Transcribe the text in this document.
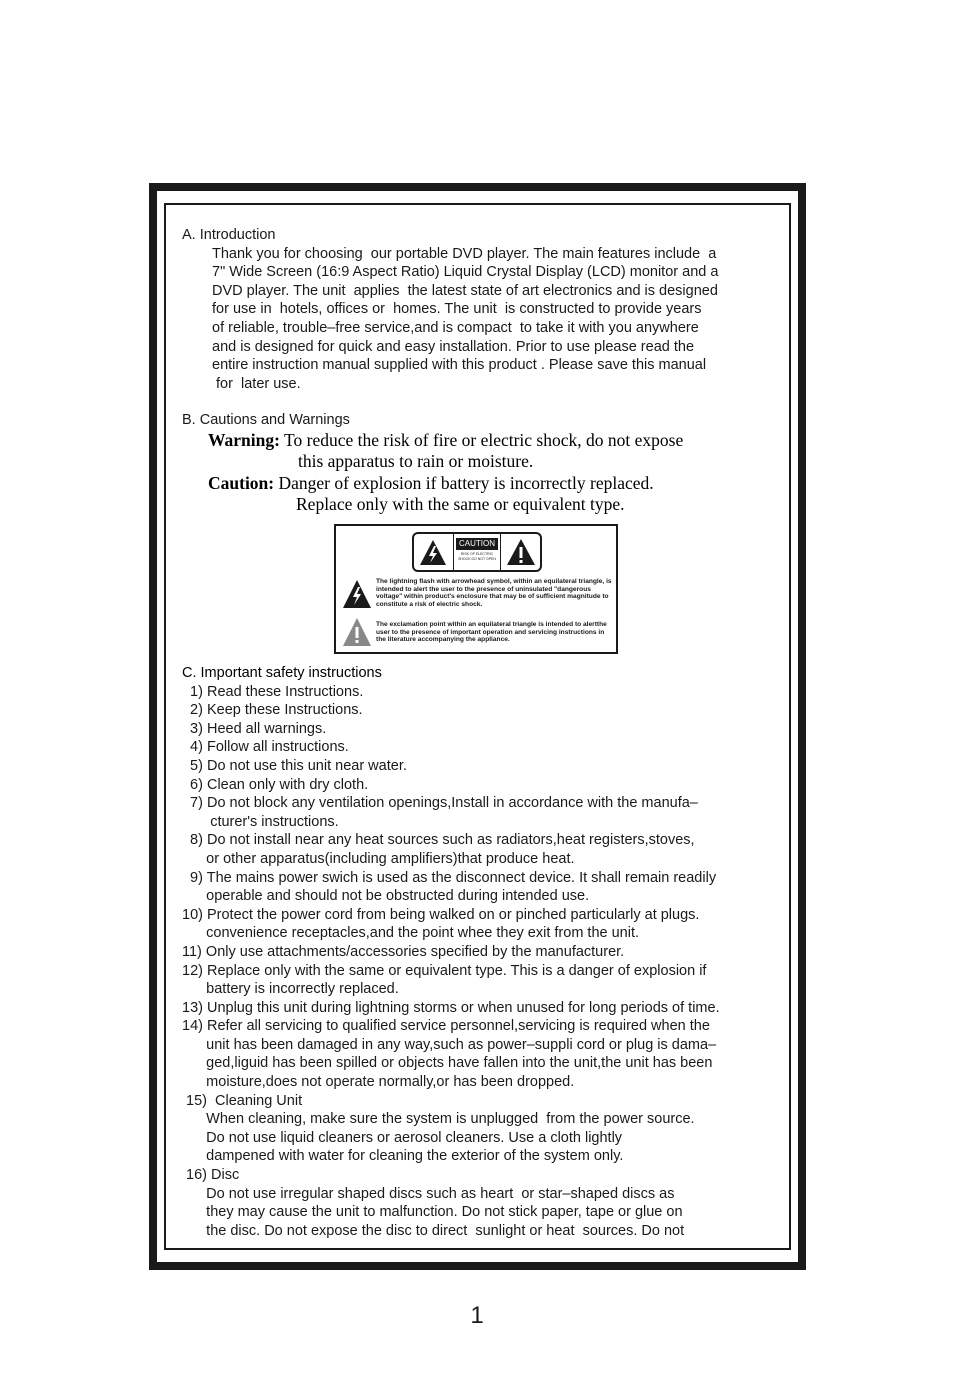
A. Introduction
Thank you for choosing  our portable DVD player. The main features include  a
7" Wide Screen (16:9 Aspect Ratio) Liquid Crystal Display (LCD) monitor and a
DVD player. The unit  applies  the latest state of art electronics and is designed
for use in  hotels, offices or  homes. The unit  is constructed to provide years
of reliable, trouble–free service,and is compact  to take it with you anywhere
and is designed for quick and easy installation. Prior to use please read the
entire instruction manual supplied with this product . Please save this manual
for  later use.
B. Cautions and Warnings
Warning: To reduce the risk of fire or electric shock, do not expose
this apparatus to rain or moisture.
Caution: Danger of explosion if battery is incorrectly replaced.
Replace only with the same or equivalent type.
CAUTION
RISK OF ELECTRIC SHOCK DO NOT OPEN
The lightning flash with arrowhead symbol, within an equilateral triangle, is intended to alert the user to the presence of uninsulated "dangerous voltage" within product's enclosure that may be of sufficient magnitude to constitute a risk of electric shock.
The exclamation point within an equilateral triangle is intended to alertthe user to the presence of important operation and servicing instructions in the literature accompanying the appliance.
C. Important safety instructions
1) Read these Instructions.
2) Keep these Instructions.
3) Heed all warnings.
4) Follow all instructions.
5) Do not use this unit near water.
6) Clean only with dry cloth.
7) Do not block any ventilation openings,Install in accordance with the manufa–
cturer's instructions.
8) Do not install near any heat sources such as radiators,heat registers,stoves,
or other apparatus(including amplifiers)that produce heat.
9) The mains power swich is used as the disconnect device. It shall remain readily
operable and should not be obstructed during intended use.
10) Protect the power cord from being walked on or pinched particularly at plugs.
convenience receptacles,and the point whee they exit from the unit.
11) Only use attachments/accessories specified by the manufacturer.
12) Replace only with the same or equivalent type. This is a danger of explosion if
battery is incorrectly replaced.
13) Unplug this unit during lightning storms or when unused for long periods of time.
14) Refer all servicing to qualified service personnel,servicing is required when the
unit has been damaged in any way,such as power–suppli cord or plug is dama–
ged,liguid has been spilled or objects have fallen into the unit,the unit has been
moisture,does not operate normally,or has been dropped.
15)  Cleaning Unit
When cleaning, make sure the system is unplugged  from the power source.
Do not use liquid cleaners or aerosol cleaners. Use a cloth lightly
dampened with water for cleaning the exterior of the system only.
16) Disc
Do not use irregular shaped discs such as heart  or star–shaped discs as
they may cause the unit to malfunction. Do not stick paper, tape or glue on
the disc. Do not expose the disc to direct  sunlight or heat  sources. Do not
1
